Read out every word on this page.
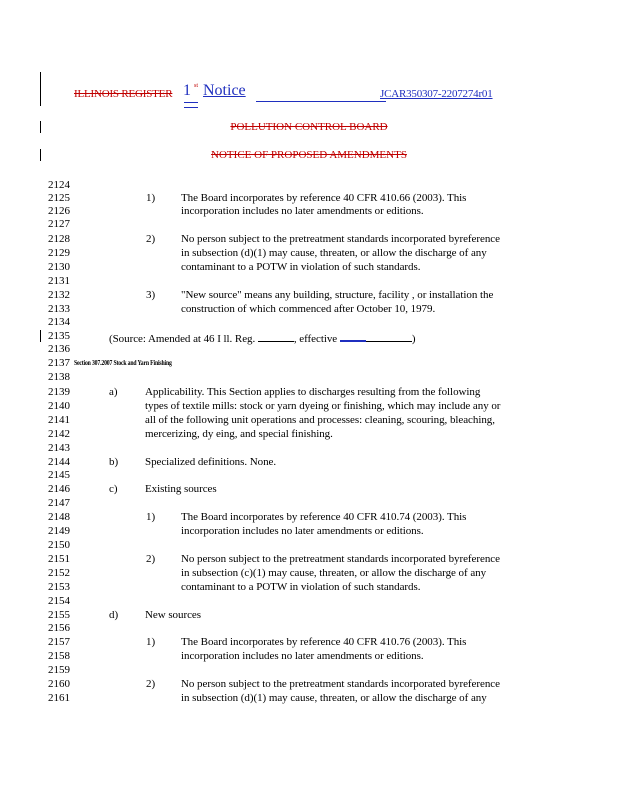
ILLINOIS REGISTER 1 st Notice	JCAR350307-2207274r01
POLLUTION CONTROL BOARD
NOTICE OF PROPOSED AMENDMENTS
2124
2125
2126
2127
2128
2129
2130
2131
2132
2133
2134
2135
2136
2137
2138
2139
2140
2141
2142
2143
2144
2145
2146
2147
2148
2149
2150
2151
2152
2153
2154
2155
2156
2157
2158
2159
2160
2161
1) The Board incorporates by reference 40 CFR 410.66 (2003). This
incorporation includes no later amendments or editions.
2) No person subject to the pretreatment standards incorporated byreference
in subsection (d)(1) may cause, threaten, or allow the discharge of any
contaminant to a POTW in violation of such standards.
3) "New source" means any building, structure, facility , or installation the
construction of which commenced after October 10, 1979.
(Source: Amended at 46 I ll. Reg.	, effective	)
Section 307.2007 Stock and Yarn Finishing
a) Applicability. This Section applies to discharges resulting from the following
types of textile mills: stock or yarn dyeing or finishing, which may include any or
all of the following unit operations and processes: cleaning, scouring, bleaching,
mercerizing, dy eing, and special finishing.
b) Specialized definitions. None.
c) Existing sources
1) The Board incorporates by reference 40 CFR 410.74 (2003). This
incorporation includes no later amendments or editions.
2) No person subject to the pretreatment standards incorporated byreference
in subsection (c)(1) may cause, threaten, or allow the discharge of any
contaminant to a POTW in violation of such standards.
d) New sources
1) The Board incorporates by reference 40 CFR 410.76 (2003). This
incorporation includes no later amendments or editions.
2) No person subject to the pretreatment standards incorporated byreference
in subsection (d)(1) may cause, threaten, or allow the discharge of any
